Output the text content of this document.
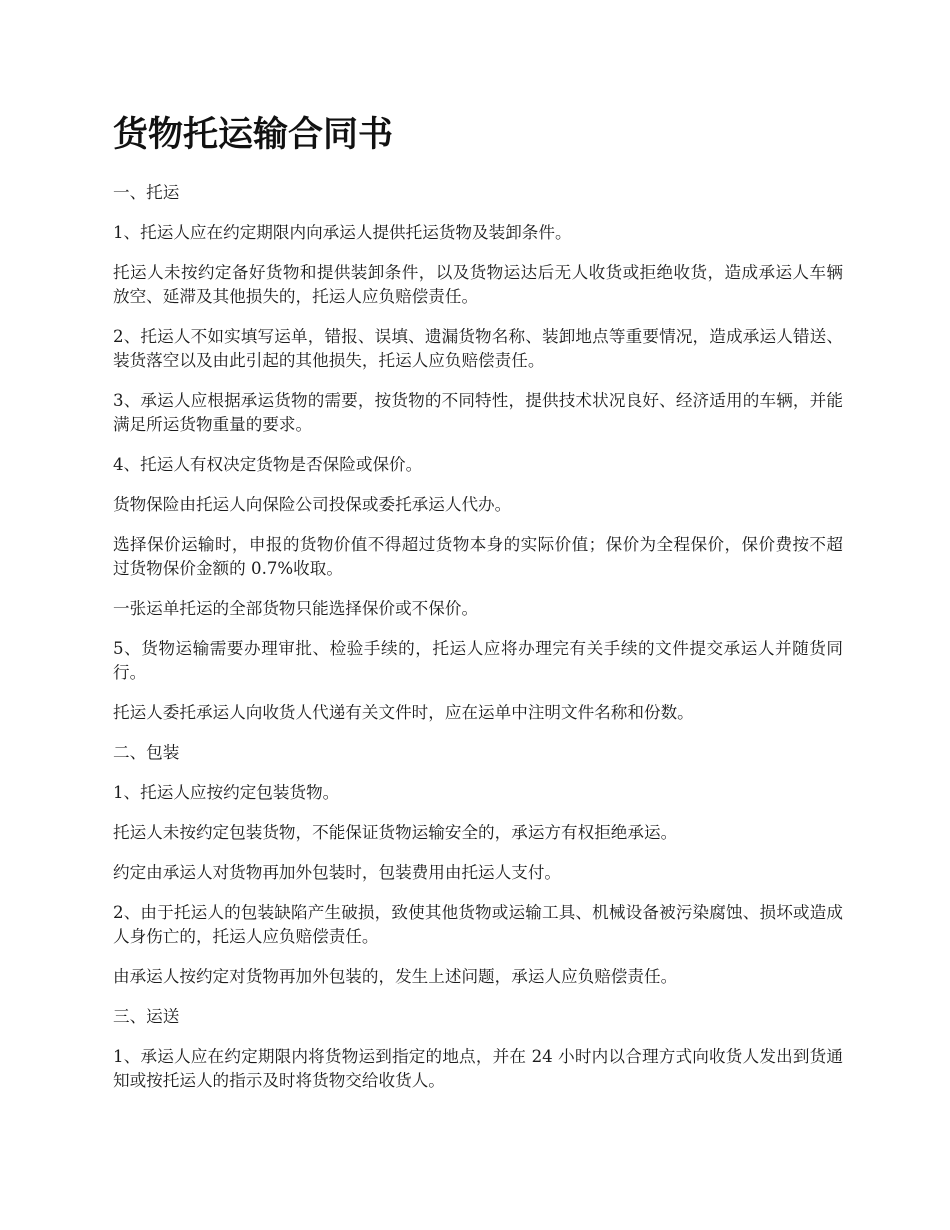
货物托运输合同书

一、托运

1、托运人应在约定期限内向承运人提供托运货物及装卸条件。

托运人未按约定备好货物和提供装卸条件，以及货物运达后无人收货或拒绝收货，造成承运人车辆放空、延滞及其他损失的，托运人应负赔偿责任。

2、托运人不如实填写运单，错报、误填、遗漏货物名称、装卸地点等重要情况，造成承运人错送、装货落空以及由此引起的其他损失，托运人应负赔偿责任。

3、承运人应根据承运货物的需要，按货物的不同特性，提供技术状况良好、经济适用的车辆，并能满足所运货物重量的要求。

4、托运人有权决定货物是否保险或保价。

货物保险由托运人向保险公司投保或委托承运人代办。

选择保价运输时，申报的货物价值不得超过货物本身的实际价值；保价为全程保价，保价费按不超过货物保价金额的 0.7%收取。

一张运单托运的全部货物只能选择保价或不保价。

5、货物运输需要办理审批、检验手续的，托运人应将办理完有关手续的文件提交承运人并随货同行。

托运人委托承运人向收货人代递有关文件时，应在运单中注明文件名称和份数。

二、包装

1、托运人应按约定包装货物。

托运人未按约定包装货物，不能保证货物运输安全的，承运方有权拒绝承运。

约定由承运人对货物再加外包装时，包装费用由托运人支付。

2、由于托运人的包装缺陷产生破损，致使其他货物或运输工具、机械设备被污染腐蚀、损坏或造成人身伤亡的，托运人应负赔偿责任。

由承运人按约定对货物再加外包装的，发生上述问题，承运人应负赔偿责任。

三、运送

1、承运人应在约定期限内将货物运到指定的地点，并在 24 小时内以合理方式向收货人发出到货通知或按托运人的指示及时将货物交给收货人。
